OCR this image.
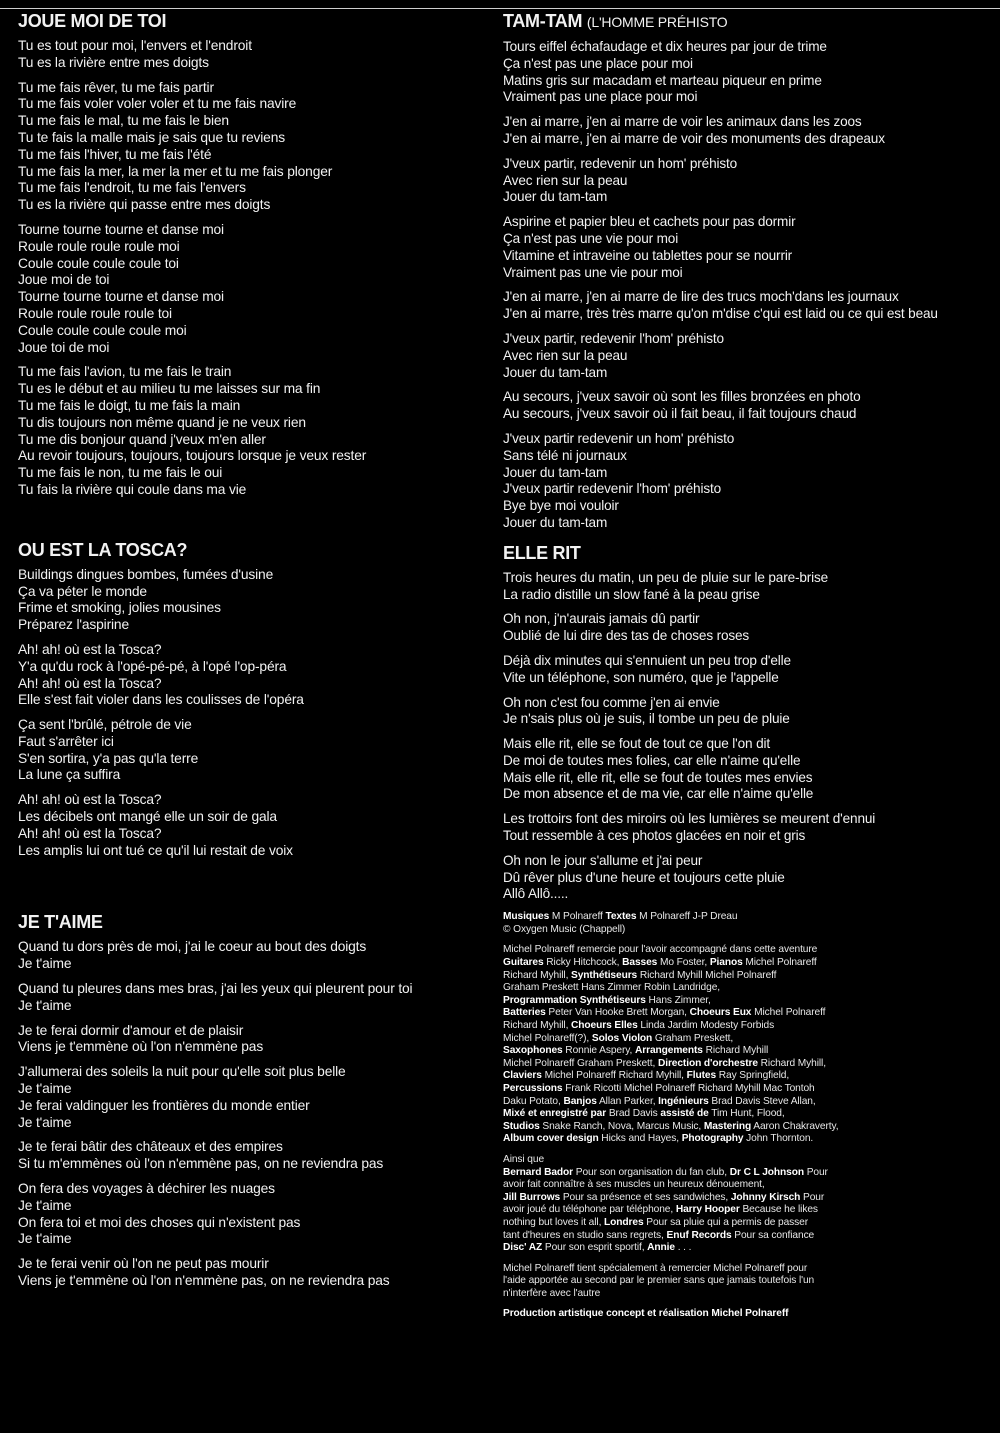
JOUE MOI DE TOI
Tu es tout pour moi, l'envers et l'endroit
Tu es la rivière entre mes doigts
Tu me fais rêver, tu me fais partir
Tu me fais voler voler voler et tu me fais navire
Tu me fais le mal, tu me fais le bien
Tu te fais la malle mais je sais que tu reviens
Tu me fais l'hiver, tu me fais l'été
Tu me fais la mer, la mer la mer et tu me fais plonger
Tu me fais l'endroit, tu me fais l'envers
Tu es la rivière qui passe entre mes doigts
Tourne tourne tourne et danse moi
Roule roule roule roule moi
Coule coule coule coule toi
Joue moi de toi
Tourne tourne tourne et danse moi
Roule roule roule roule toi
Coule coule coule coule moi
Joue toi de moi
Tu me fais l'avion, tu me fais le train
Tu es le début et au milieu tu me laisses sur ma fin
Tu me fais le doigt, tu me fais la main
Tu dis toujours non même quand je ne veux rien
Tu me dis bonjour quand j'veux m'en aller
Au revoir toujours, toujours, toujours lorsque je veux rester
Tu me fais le non, tu me fais le oui
Tu fais la rivière qui coule dans ma vie
OU EST LA TOSCA?
Buildings dingues bombes, fumées d'usine
Ça va péter le monde
Frime et smoking, jolies mousines
Préparez l'aspirine
Ah! ah! où est la Tosca?
Y'a qu'du rock à l'opé-pé-pé, à l'opé l'op-péra
Ah! ah! où est la Tosca?
Elle s'est fait violer dans les coulisses de l'opéra
Ça sent l'brûlé, pétrole de vie
Faut s'arrêter ici
S'en sortira, y'a pas qu'la terre
La lune ça suffira
Ah! ah! où est la Tosca?
Les décibels ont mangé elle un soir de gala
Ah! ah! où est la Tosca?
Les amplis lui ont tué ce qu'il lui restait de voix
JE T'AIME
Quand tu dors près de moi, j'ai le coeur au bout des doigts
Je t'aime
Quand tu pleures dans mes bras, j'ai les yeux qui pleurent pour toi
Je t'aime
Je te ferai dormir d'amour et de plaisir
Viens je t'emmène où l'on n'emmène pas
J'allumerai des soleils la nuit pour qu'elle soit plus belle
Je t'aime
Je ferai valdinguer les frontières du monde entier
Je t'aime
Je te ferai bâtir des châteaux et des empires
Si tu m'emmènes où l'on n'emmène pas, on ne reviendra pas
On fera des voyages à déchirer les nuages
Je t'aime
On fera toi et moi des choses qui n'existent pas
Je t'aime
Je te ferai venir où l'on ne peut pas mourir
Viens je t'emmène où l'on n'emmène pas, on ne reviendra pas
TAM-TAM (L'HOMME PRÉHISTO
Tours eiffel échafaudage et dix heures par jour de trime
Ça n'est pas une place pour moi
Matins gris sur macadam et marteau piqueur en prime
Vraiment pas une place pour moi
J'en ai marre, j'en ai marre de voir les animaux dans les zoos
J'en ai marre, j'en ai marre de voir des monuments des drapeaux
J'veux partir, redevenir un hom' préhisto
Avec rien sur la peau
Jouer du tam-tam
Aspirine et papier bleu et cachets pour pas dormir
Ça n'est pas une vie pour moi
Vitamine et intraveine ou tablettes pour se nourrir
Vraiment pas une vie pour moi
J'en ai marre, j'en ai marre de lire des trucs moch'dans les journaux
J'en ai marre, très très marre qu'on m'dise c'qui est laid ou ce qui est beau
J'veux partir, redevenir l'hom' préhisto
Avec rien sur la peau
Jouer du tam-tam
Au secours, j'veux savoir où sont les filles bronzées en photo
Au secours, j'veux savoir où il fait beau, il fait toujours chaud
J'veux partir redevenir un hom' préhisto
Sans télé ni journaux
Jouer du tam-tam
J'veux partir redevenir l'hom' préhisto
Bye bye moi vouloir
Jouer du tam-tam
ELLE RIT
Trois heures du matin, un peu de pluie sur le pare-brise
La radio distille un slow fané à la peau grise
Oh non, j'n'aurais jamais dû partir
Oublié de lui dire des tas de choses roses
Déjà dix minutes qui s'ennuient un peu trop d'elle
Vite un téléphone, son numéro, que je l'appelle
Oh non c'est fou comme j'en ai envie
Je n'sais plus où je suis, il tombe un peu de pluie
Mais elle rit, elle se fout de tout ce que l'on dit
De moi de toutes mes folies, car elle n'aime qu'elle
Mais elle rit, elle rit, elle se fout de toutes mes envies
De mon absence et de ma vie, car elle n'aime qu'elle
Les trottoirs font des miroirs où les lumières se meurent d'ennui
Tout ressemble à ces photos glacées en noir et gris
Oh non le jour s'allume et j'ai peur
Dû rêver plus d'une heure et toujours cette pluie
Allô Allô.....

Musiques M Polnareff Textes M Polnareff J-P Dreau
© Oxygen Music (Chappell)

Michel Polnareff remercie pour l'avoir accompagné dans cette aventure
Guitares Ricky Hitchcock, Basses Mo Foster, Pianos Michel Polnareff
Richard Myhill, Synthétiseurs Richard Myhill Michel Polnareff
Graham Preskett Hans Zimmer Robin Landridge,
Programmation Synthétiseurs Hans Zimmer,
Batteries Peter Van Hooke Brett Morgan, Choeurs Eux Michel Polnareff
Richard Myhill, Choeurs Elles Linda Jardim Modesty Forbids
Michel Polnareff(?), Solos Violon Graham Preskett,
Saxophones Ronnie Aspery, Arrangements Richard Myhill
Michel Polnareff Graham Preskett, Direction d'orchestre Richard Myhill,
Claviers Michel Polnareff Richard Myhill, Flutes Ray Springfield,
Percussions Frank Ricotti Michel Polnareff Richard Myhill Mac Tontoh
Daku Potato, Banjos Allan Parker, Ingénieurs Brad Davis Steve Allan,
Mixé et enregistré par Brad Davis assisté de Tim Hunt, Flood,
Studios Snake Ranch, Nova, Marcus Music, Mastering Aaron Chakraverty,
Album cover design Hicks and Hayes, Photography John Thornton.

Ainsi que
Bernard Bador Pour son organisation du fan club, Dr C L Johnson Pour
avoir fait connaître à ses muscles un heureux dénouement,
Jill Burrows Pour sa présence et ses sandwiches, Johnny Kirsch Pour
avoir joué du téléphone par téléphone, Harry Hooper Because he likes
nothing but loves it all, Londres Pour sa pluie qui a permis de passer
tant d'heures en studio sans regrets, Enuf Records Pour sa confiance
Disc' AZ Pour son esprit sportif, Annie . . .

Michel Polnareff tient spécialement à remercier Michel Polnareff pour
l'aide apportée au second par le premier sans que jamais toutefois l'un
n'interfère avec l'autre

Production artistique concept et réalisation Michel Polnareff
